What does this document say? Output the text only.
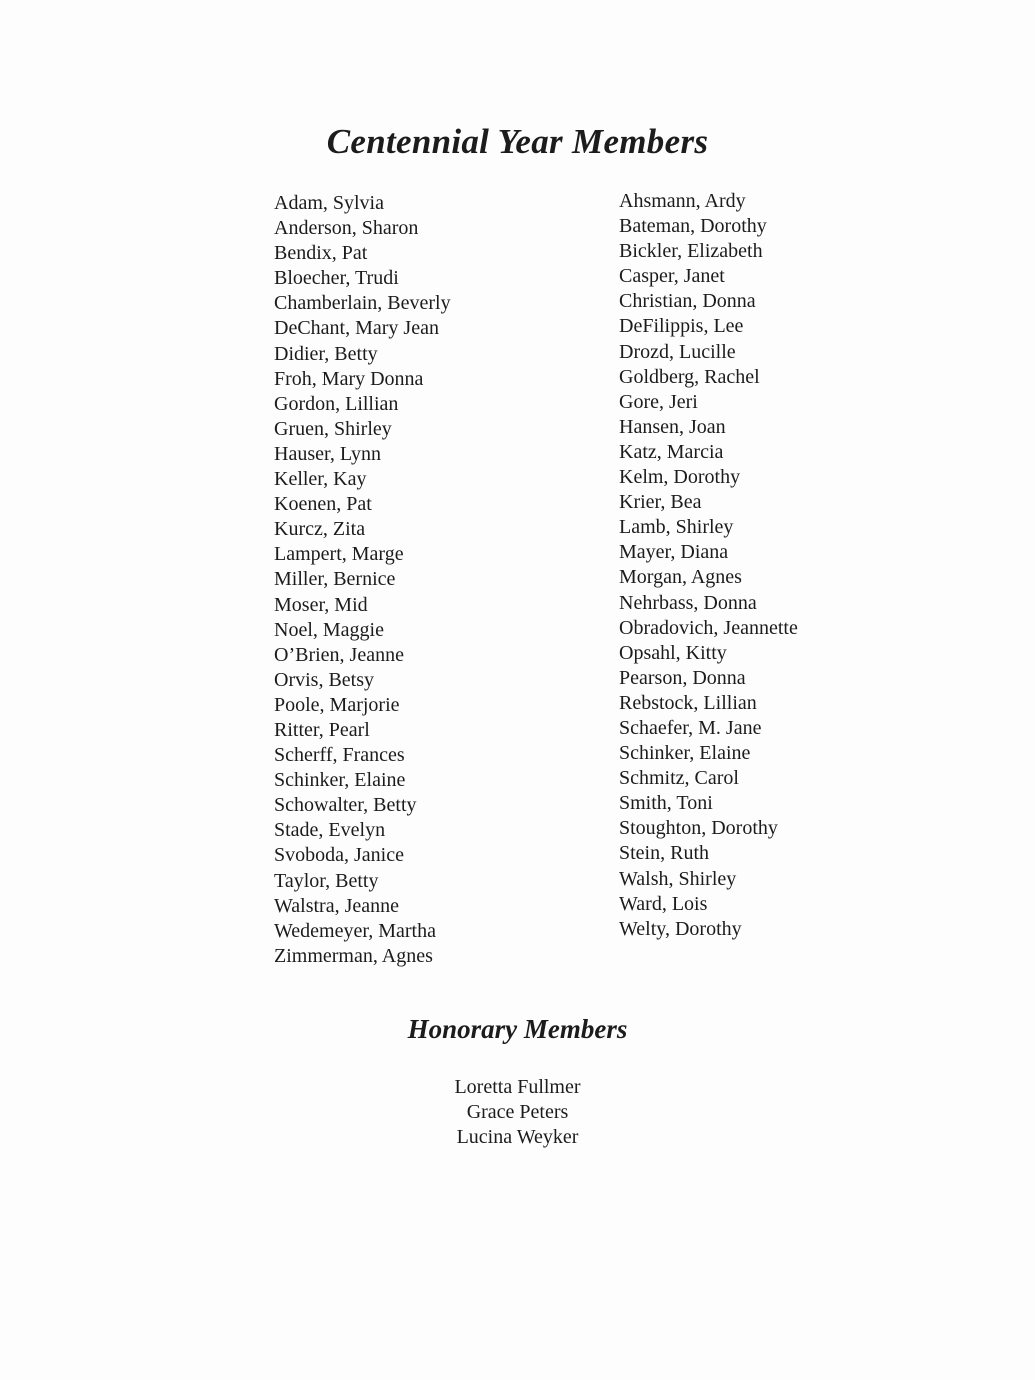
Centennial Year Members
Adam, Sylvia
Anderson, Sharon
Bendix, Pat
Bloecher, Trudi
Chamberlain, Beverly
DeChant, Mary Jean
Didier, Betty
Froh, Mary Donna
Gordon, Lillian
Gruen, Shirley
Hauser, Lynn
Keller, Kay
Koenen, Pat
Kurcz, Zita
Lampert, Marge
Miller, Bernice
Moser, Mid
Noel, Maggie
O’Brien, Jeanne
Orvis, Betsy
Poole, Marjorie
Ritter, Pearl
Scherff, Frances
Schinker, Elaine
Schowalter, Betty
Stade, Evelyn
Svoboda, Janice
Taylor, Betty
Walstra, Jeanne
Wedemeyer, Martha
Zimmerman, Agnes
Ahsmann, Ardy
Bateman, Dorothy
Bickler, Elizabeth
Casper, Janet
Christian, Donna
DeFilippis, Lee
Drozd, Lucille
Goldberg, Rachel
Gore, Jeri
Hansen, Joan
Katz, Marcia
Kelm, Dorothy
Krier, Bea
Lamb, Shirley
Mayer, Diana
Morgan, Agnes
Nehrbass, Donna
Obradovich, Jeannette
Opsahl, Kitty
Pearson, Donna
Rebstock, Lillian
Schaefer, M. Jane
Schinker, Elaine
Schmitz, Carol
Smith, Toni
Stoughton, Dorothy
Stein, Ruth
Walsh, Shirley
Ward, Lois
Welty, Dorothy
Honorary Members
Loretta Fullmer
Grace Peters
Lucina Weyker
